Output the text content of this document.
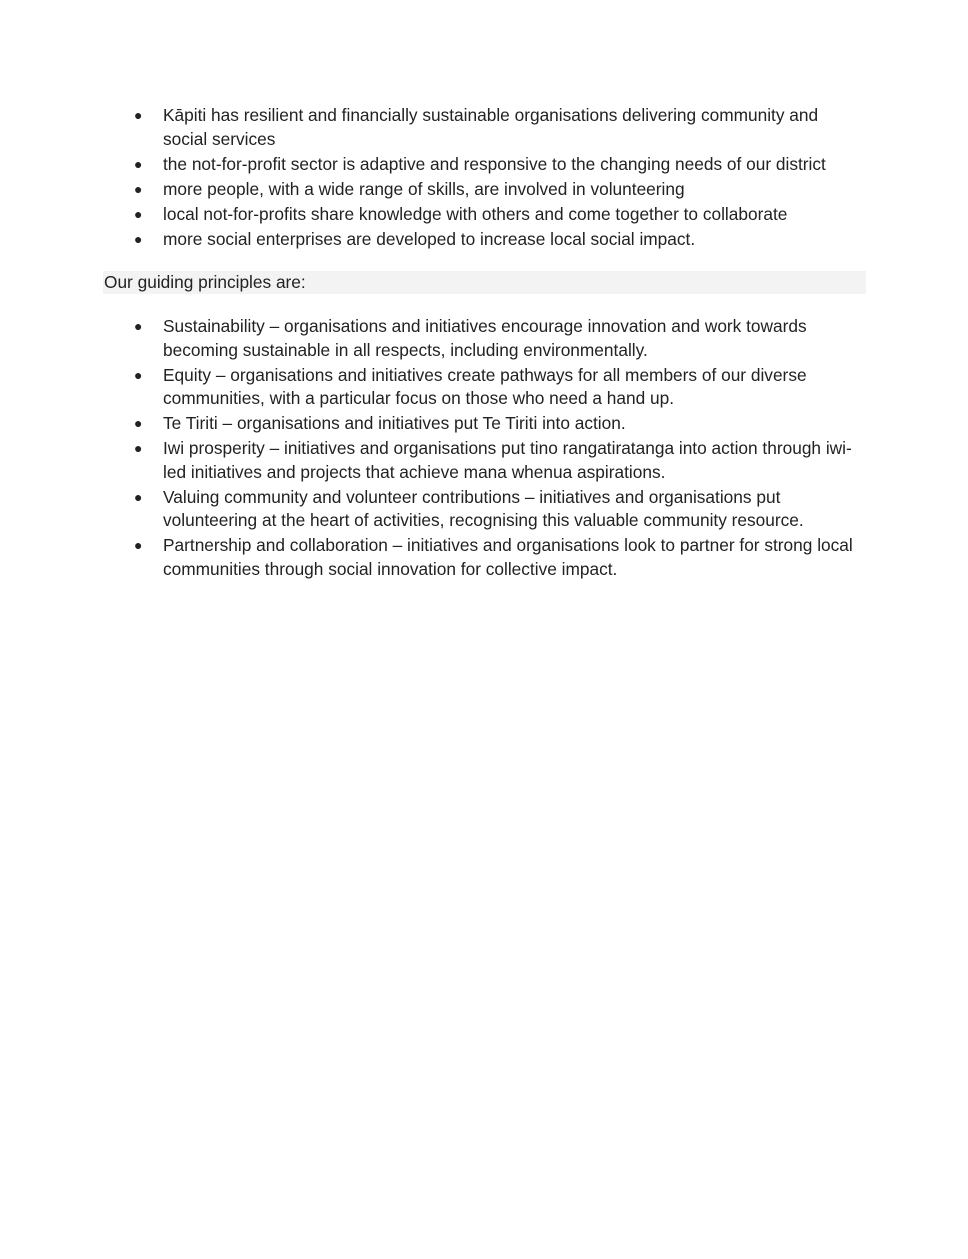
● Kāpiti has resilient and financially sustainable organisations delivering community and social services
● the not-for-profit sector is adaptive and responsive to the changing needs of our district
● more people, with a wide range of skills, are involved in volunteering
● local not-for-profits share knowledge with others and come together to collaborate
● more social enterprises are developed to increase local social impact.
Our guiding principles are:
● Sustainability – organisations and initiatives encourage innovation and work towards becoming sustainable in all respects, including environmentally.
● Equity – organisations and initiatives create pathways for all members of our diverse communities, with a particular focus on those who need a hand up.
● Te Tiriti – organisations and initiatives put Te Tiriti into action.
● Iwi prosperity – initiatives and organisations put tino rangatiratanga into action through iwi-led initiatives and projects that achieve mana whenua aspirations.
● Valuing community and volunteer contributions – initiatives and organisations put volunteering at the heart of activities, recognising this valuable community resource.
● Partnership and collaboration – initiatives and organisations look to partner for strong local communities through social innovation for collective impact.
